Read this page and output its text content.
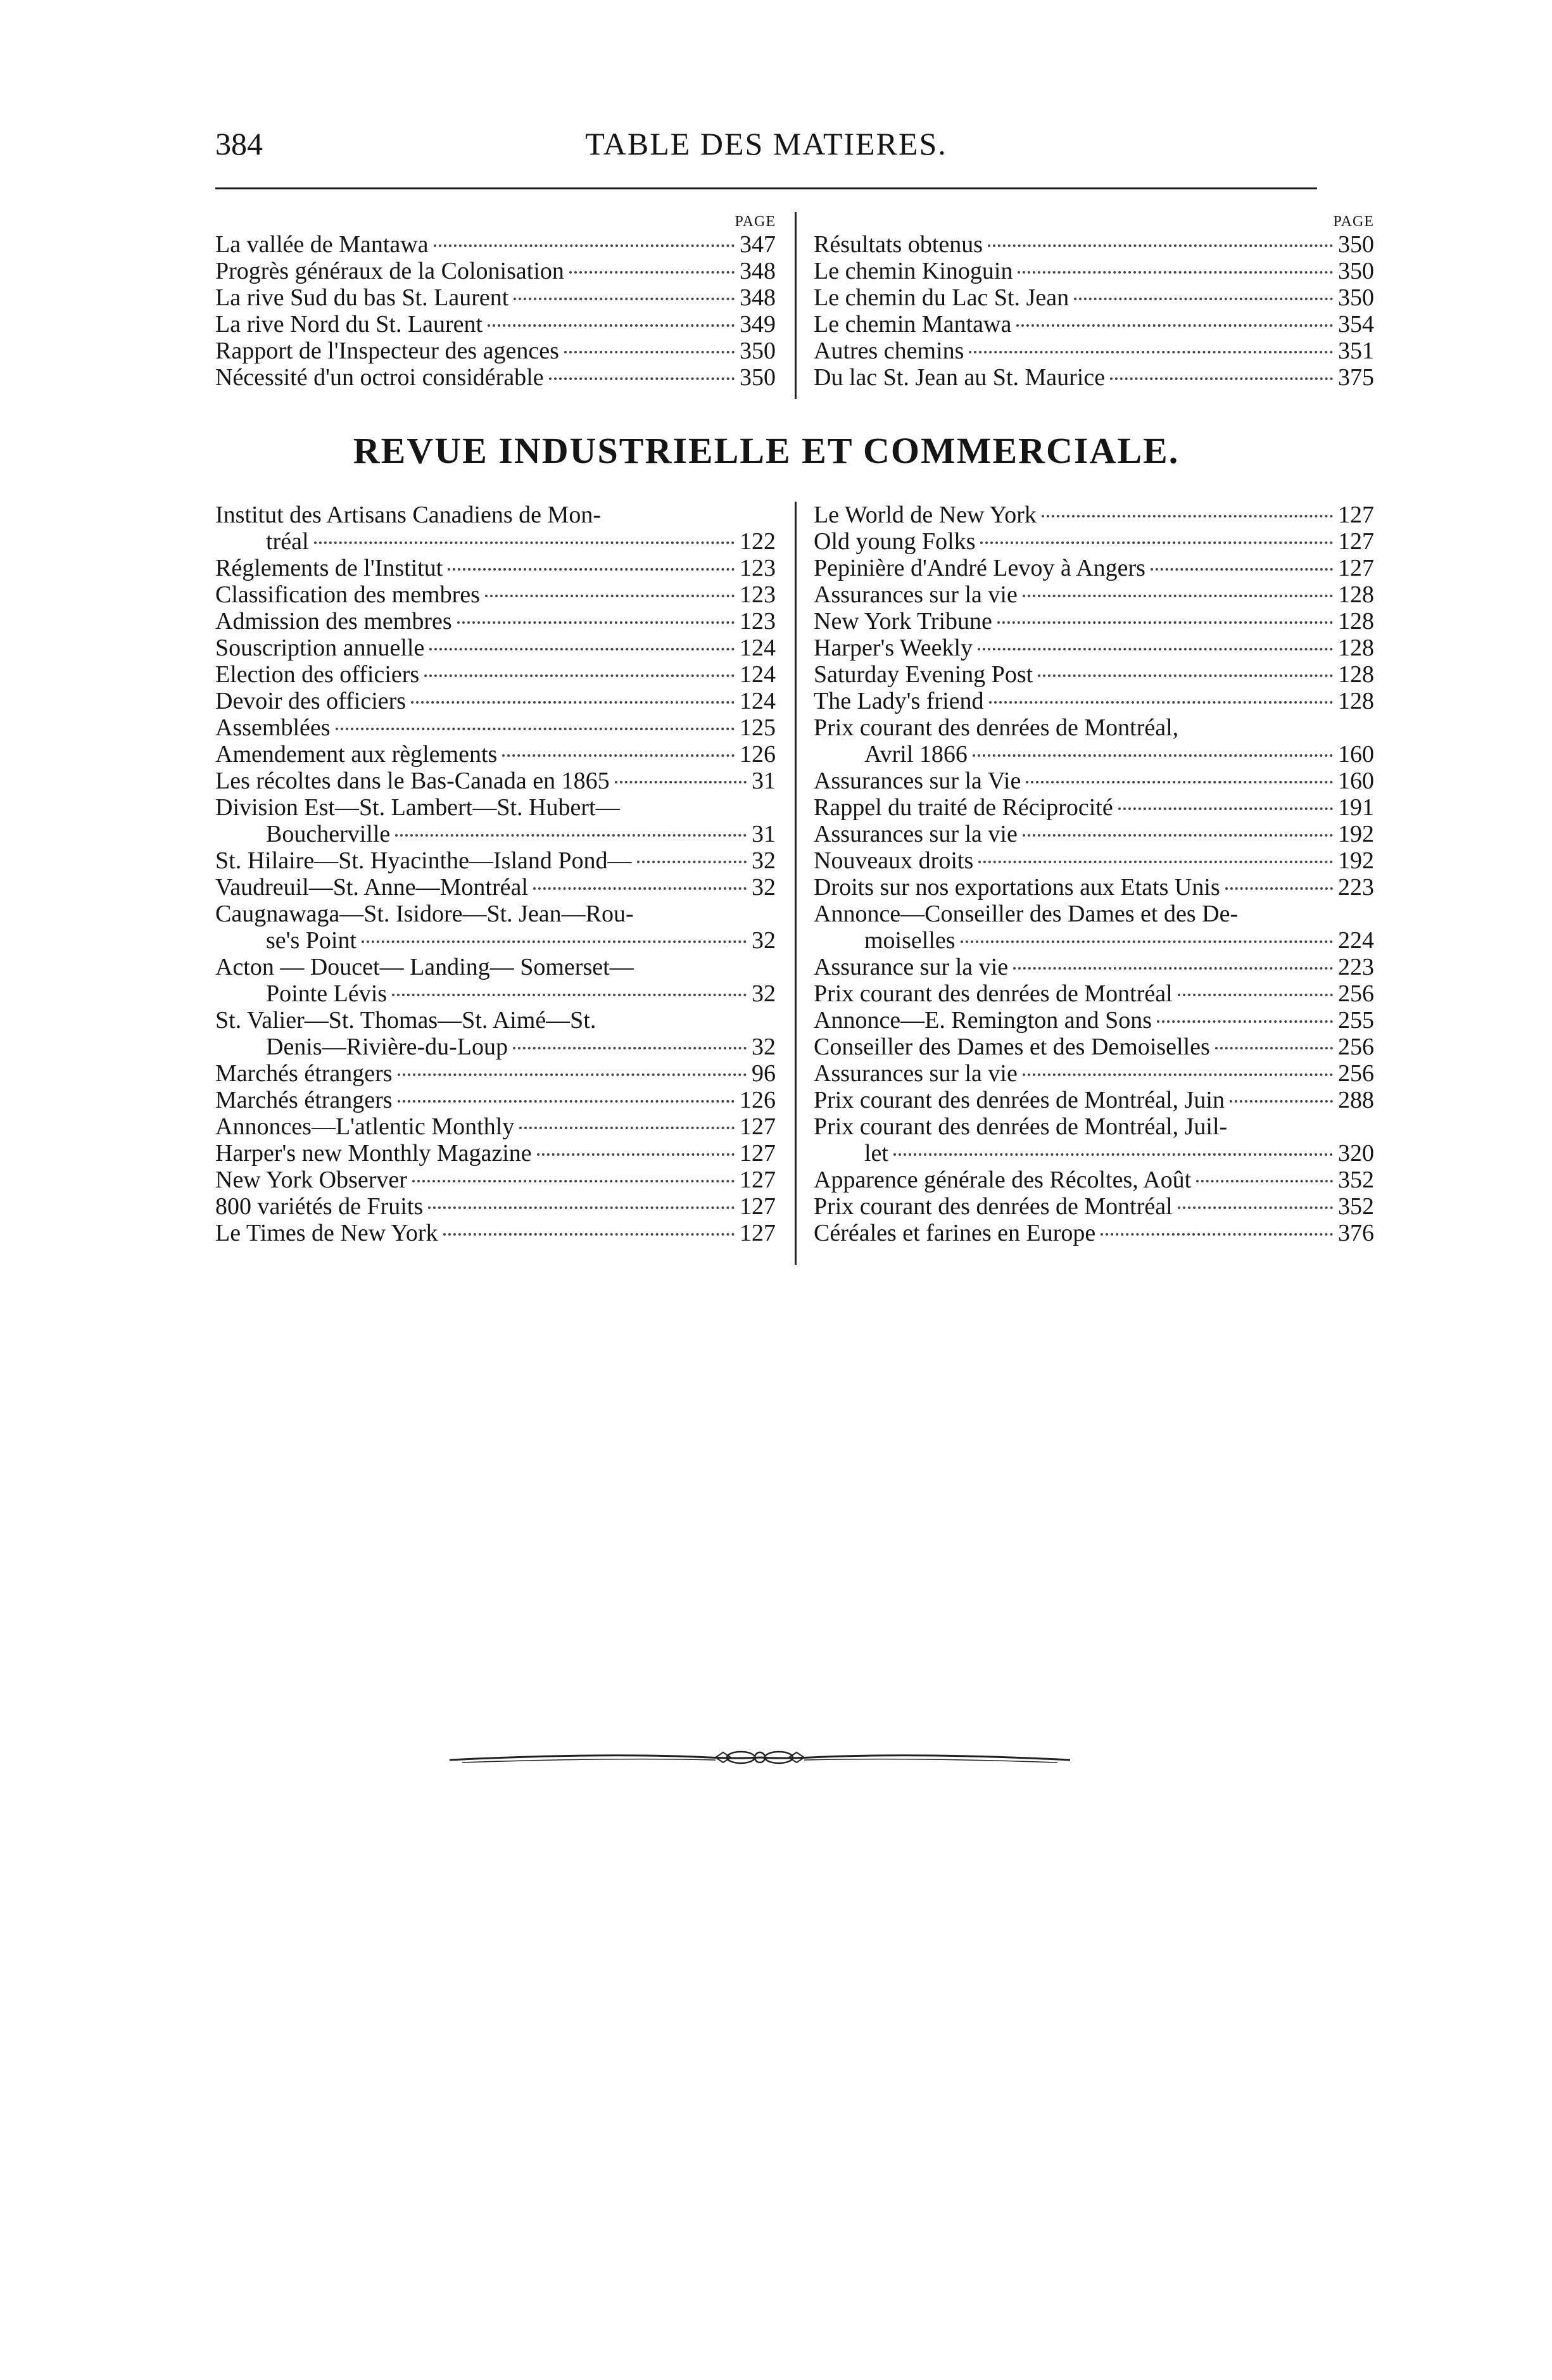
384	TABLE DES MATIERES.
PAGE
La vallée de Mantawa	347
Progrès généraux de la Colonisation	348
La rive Sud du bas St. Laurent	348
La rive Nord du St. Laurent	349
Rapport de l'Inspecteur des agences	350
Nécessité d'un octroi considérable	350
PAGE
Résultats obtenus	350
Le chemin Kinoguin	350
Le chemin du Lac St. Jean	350
Le chemin Mantawa	354
Autres chemins	351
Du lac St. Jean au St. Maurice	375
REVUE INDUSTRIELLE ET COMMERCIALE.
Institut des Artisans Canadiens de Mon-
tréal	122
Réglements de l'Institut	123
Classification des membres	123
Admission des membres	123
Souscription annuelle	124
Election des officiers	124
Devoir des officiers	124
Assemblées	125
Amendement aux règlements	126
Les récoltes dans le Bas-Canada en 1865	31
Division Est—St. Lambert—St. Hubert—
Boucherville	31
St. Hilaire—St. Hyacinthe—Island Pond—	32
Vaudreuil—St. Anne—Montréal	32
Caugnawaga—St. Isidore—St. Jean—Rou-
se's Point	32
Acton — Doucet— Landing— Somerset—
Pointe Lévis	32
St. Valier—St. Thomas—St. Aimé—St.
Denis—Rivière-du-Loup	32
Marchés étrangers	96
Marchés étrangers	126
Annonces—L'atlentic Monthly	127
Harper's new Monthly Magazine	127
New York Observer	127
800 variétés de Fruits	127
Le Times de New York	127
Le World de New York	127
Old young Folks	127
Pepinière d'André Levoy à Angers	127
Assurances sur la vie	128
New York Tribune	128
Harper's Weekly	128
Saturday Evening Post	128
The Lady's friend	128
Prix courant des denrées de Montréal,
Avril 1866	160
Assurances sur la Vie	160
Rappel du traité de Réciprocité	191
Assurances sur la vie	192
Nouveaux droits	192
Droits sur nos exportations aux Etats Unis	223
Annonce—Conseiller des Dames et des De-
moiselles	224
Assurance sur la vie	223
Prix courant des denrées de Montréal	256
Annonce—E. Remington and Sons	255
Conseiller des Dames et des Demoiselles	256
Assurances sur la vie	256
Prix courant des denrées de Montréal, Juin	288
Prix courant des denrées de Montréal, Juil-
let	320
Apparence générale des Récoltes, Août	352
Prix courant des denrées de Montréal	352
Céréales et farines en Europe	376
